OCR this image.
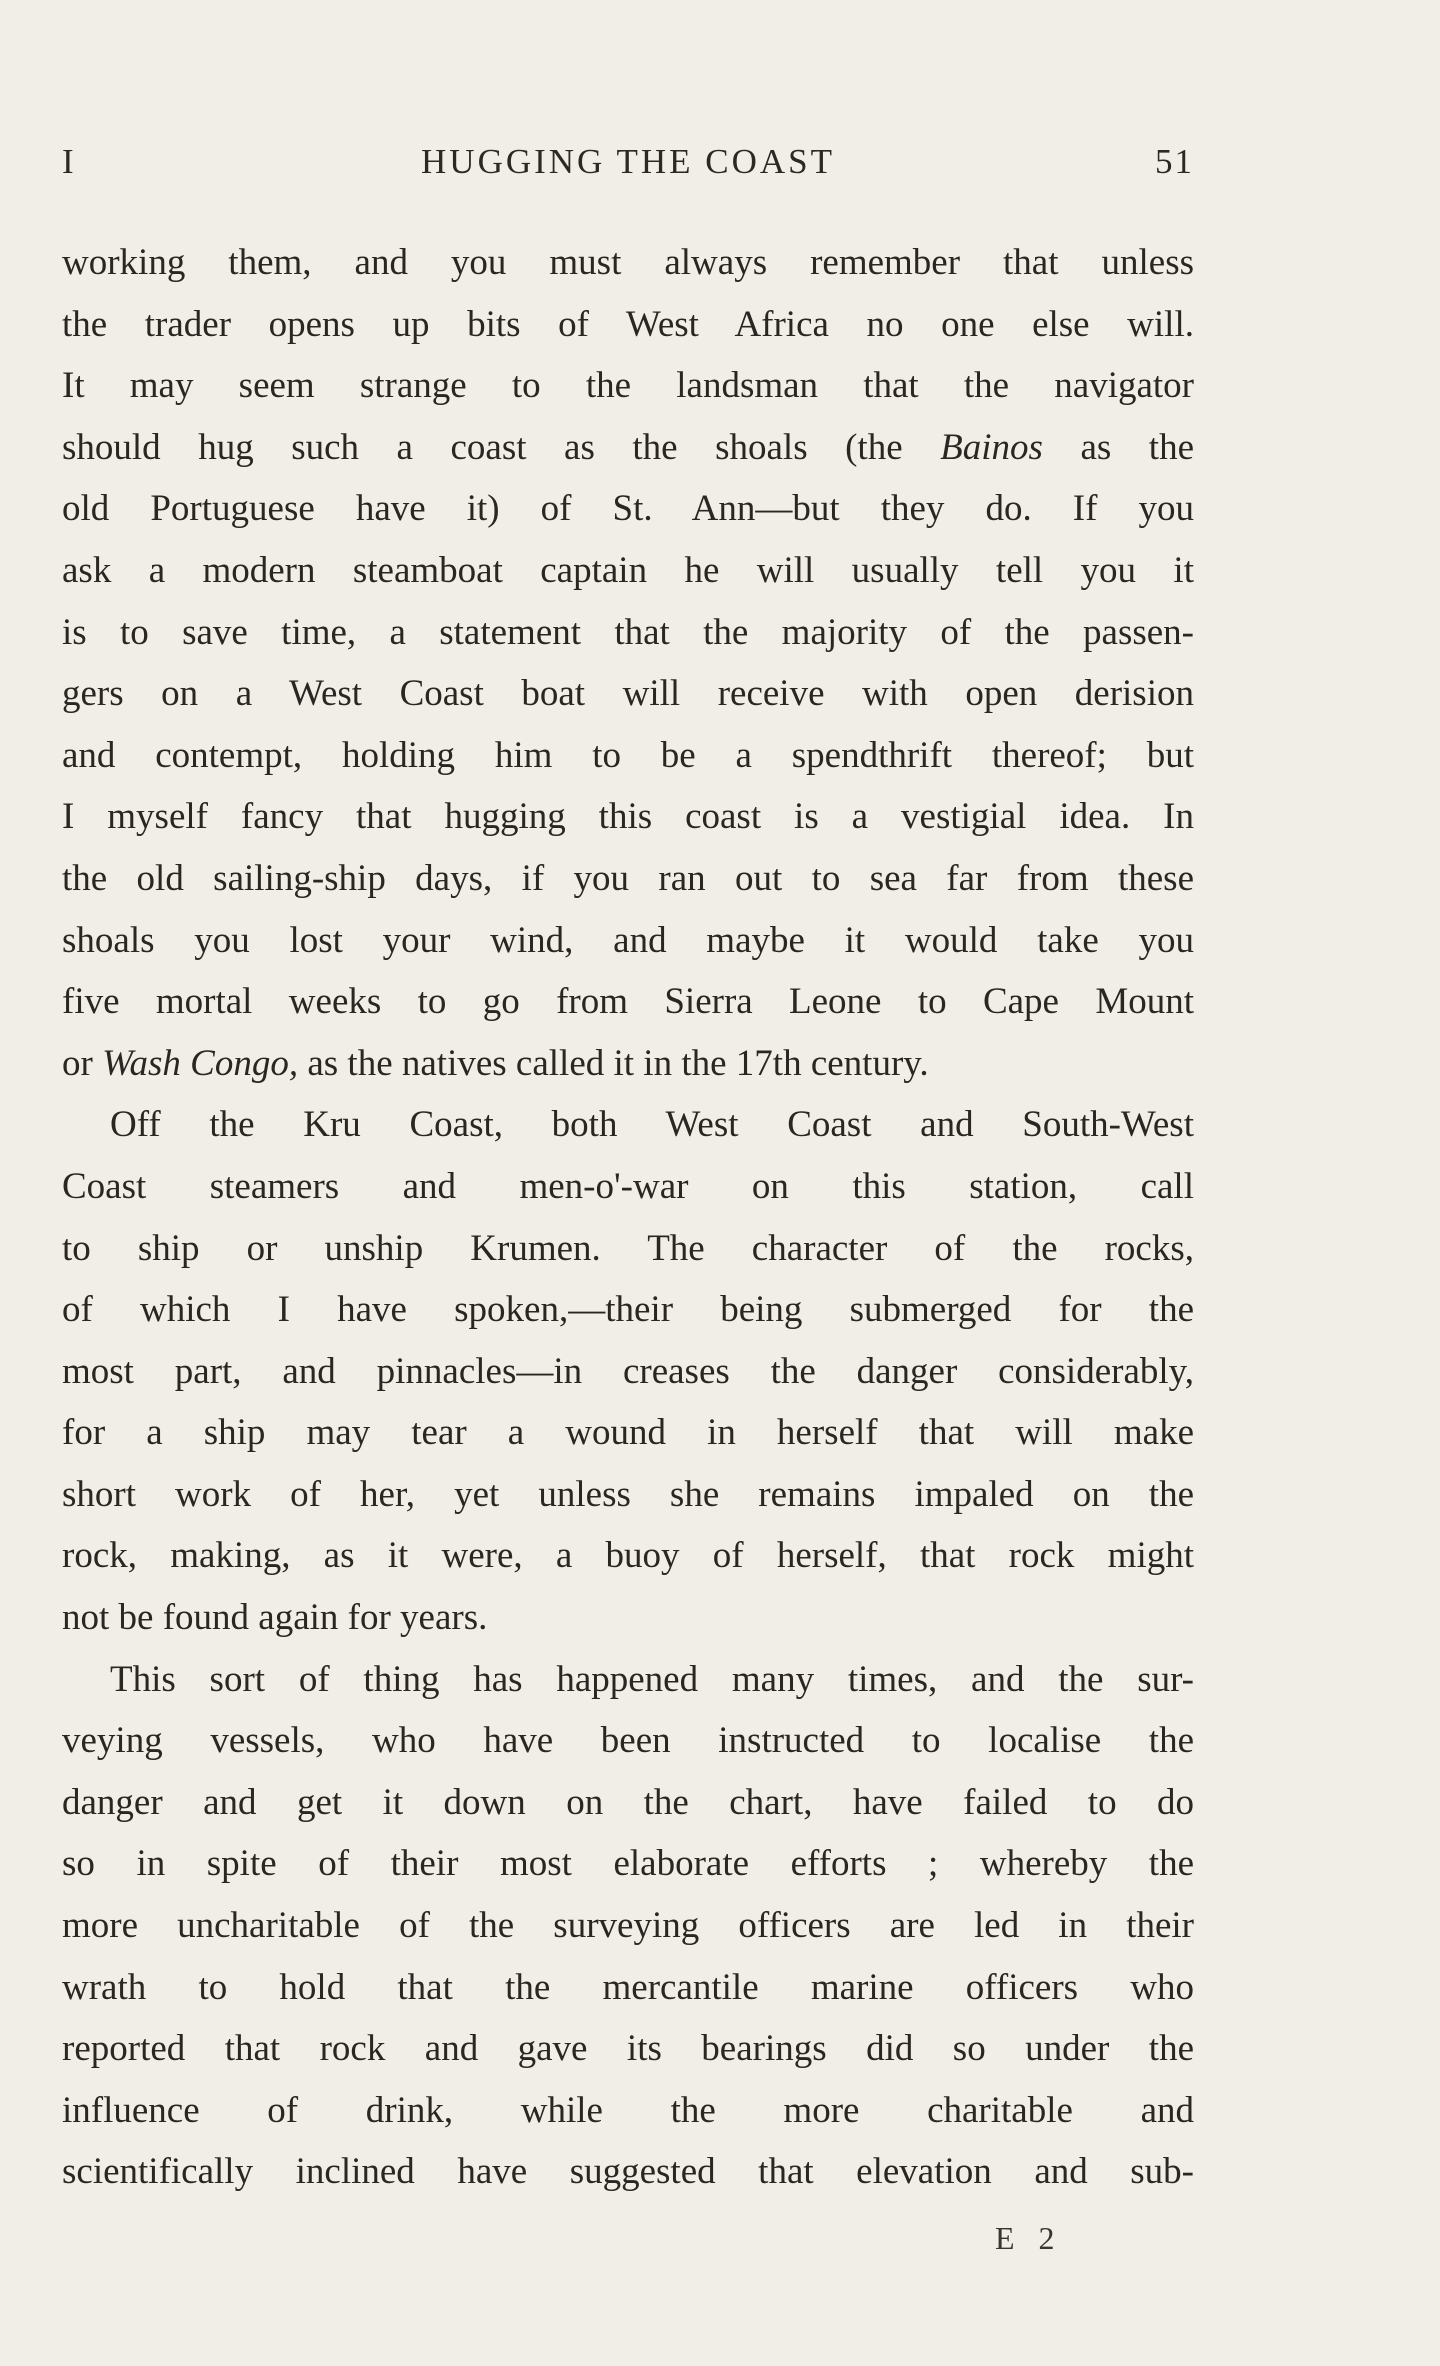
I	HUGGING THE COAST	51
working them, and you must always remember that unless
the trader opens up bits of West Africa no one else will.
It may seem strange to the landsman that the navigator
should hug such a coast as the shoals (the Bainos as the
old Portuguese have it) of St. Ann—but they do. If you
ask a modern steamboat captain he will usually tell you it
is to save time, a statement that the majority of the passen-
gers on a West Coast boat will receive with open derision
and contempt, holding him to be a spendthrift thereof; but
I myself fancy that hugging this coast is a vestigial idea. In
the old sailing-ship days, if you ran out to sea far from these
shoals you lost your wind, and maybe it would take you
five mortal weeks to go from Sierra Leone to Cape Mount
or Wash Congo, as the natives called it in the 17th century.
Off the Kru Coast, both West Coast and South-West
Coast steamers and men-o'-war on this station, call
to ship or unship Krumen. The character of the rocks,
of which I have spoken,—their being submerged for the
most part, and pinnacles—in creases the danger considerably,
for a ship may tear a wound in herself that will make
short work of her, yet unless she remains impaled on the
rock, making, as it were, a buoy of herself, that rock might
not be found again for years.
This sort of thing has happened many times, and the sur-
veying vessels, who have been instructed to localise the
danger and get it down on the chart, have failed to do
so in spite of their most elaborate efforts ; whereby the
more uncharitable of the surveying officers are led in their
wrath to hold that the mercantile marine officers who
reported that rock and gave its bearings did so under the
influence of drink, while the more charitable and
scientifically inclined have suggested that elevation and sub-
E 2
